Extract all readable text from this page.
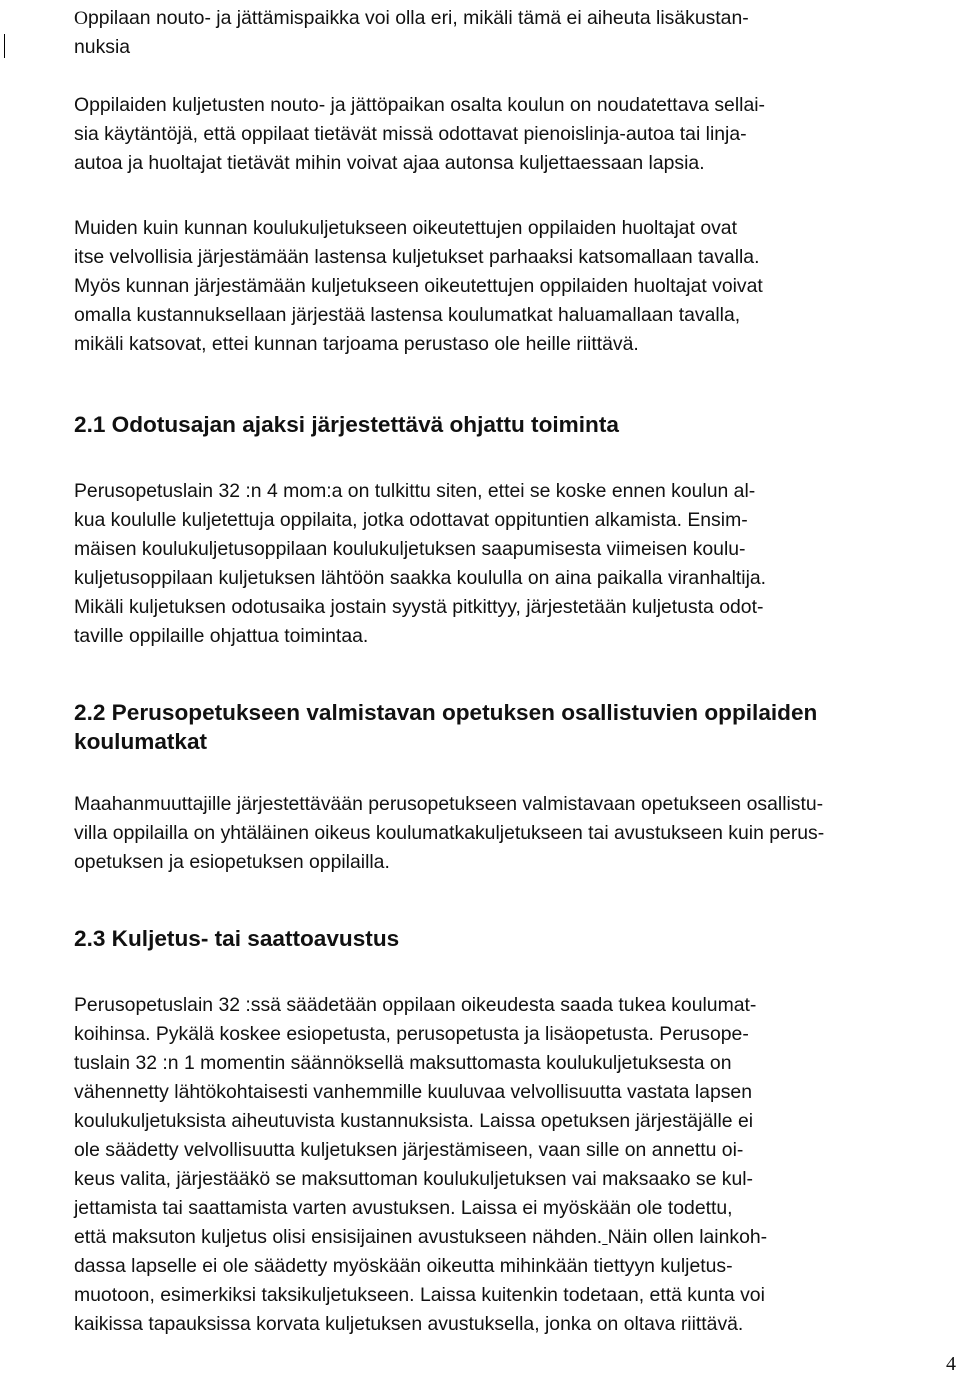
Oppilaan nouto- ja jättämispaikka voi olla eri, mikäli tämä ei aiheuta lisäkustan-
nuksia
Oppilaiden kuljetusten nouto- ja jättöpaikan osalta koulun on noudatettava sellai-
sia käytäntöjä, että oppilaat tietävät missä odottavat pienoislinja-autoa tai linja-
autoa ja huoltajat tietävät mihin voivat ajaa autonsa kuljettaessaan lapsia.
Muiden kuin kunnan koulukuljetukseen oikeutettujen oppilaiden huoltajat ovat
itse velvollisia järjestämään lastensa kuljetukset parhaaksi katsomallaan tavalla.
Myös kunnan järjestämään kuljetukseen oikeutettujen oppilaiden huoltajat voivat
omalla kustannuksellaan järjestää lastensa koulumatkat haluamallaan tavalla,
mikäli katsovat, ettei kunnan tarjoama perustaso ole heille riittävä.
2.1 Odotusajan ajaksi järjestettävä ohjattu toiminta
Perusopetuslain 32 :n 4 mom:a on tulkittu siten, ettei se koske ennen koulun al-
kua koululle kuljetettuja oppilaita, jotka odottavat oppituntien alkamista. Ensim-
mäisen koulukuljetusoppilaan koulukuljetuksen saapumisesta viimeisen koulu-
kuljetusoppilaan kuljetuksen lähtöön saakka koululla on aina paikalla viranhaltija.
Mikäli kuljetuksen odotusaika jostain syystä pitkittyy, järjestetään kuljetusta odot-
taville oppilaille ohjattua toimintaa.
2.2 Perusopetukseen valmistavan opetuksen osallistuvien oppilaiden
koulumatkat
Maahanmuuttajille järjestettävään perusopetukseen valmistavaan opetukseen osallistu-
villa oppilailla on yhtäläinen oikeus koulumatkakuljetukseen tai avustukseen kuin perus-
opetuksen ja esiopetuksen oppilailla.
2.3 Kuljetus- tai saattoavustus
Perusopetuslain 32 :ssä säädetään oppilaan oikeudesta saada tukea koulumat-
koihinsa. Pykälä koskee esiopetusta, perusopetusta ja lisäopetusta. Perusope-
tuslain 32 :n 1 momentin säännöksellä maksuttomasta koulukuljetuksesta on
vähennetty lähtökohtaisesti vanhemmille kuuluvaa velvollisuutta vastata lapsen
koulukuljetuksista aiheutuvista kustannuksista. Laissa opetuksen järjestäjälle ei
ole säädetty velvollisuutta kuljetuksen järjestämiseen, vaan sille on annettu oi-
keus valita, järjestääkö se maksuttoman koulukuljetuksen vai maksaako se kul-
jettamista tai saattamista varten avustuksen. Laissa ei myöskään ole todettu,
että maksuton kuljetus olisi ensisijainen avustukseen nähden. Näin ollen lainkoh-
dassa lapselle ei ole säädetty myöskään oikeutta mihinkään tiettyyn kuljetus-
muotoon, esimerkiksi taksikuljetukseen. Laissa kuitenkin todetaan, että kunta voi
kaikissa tapauksissa korvata kuljetuksen avustuksella, jonka on oltava riittävä.
4
